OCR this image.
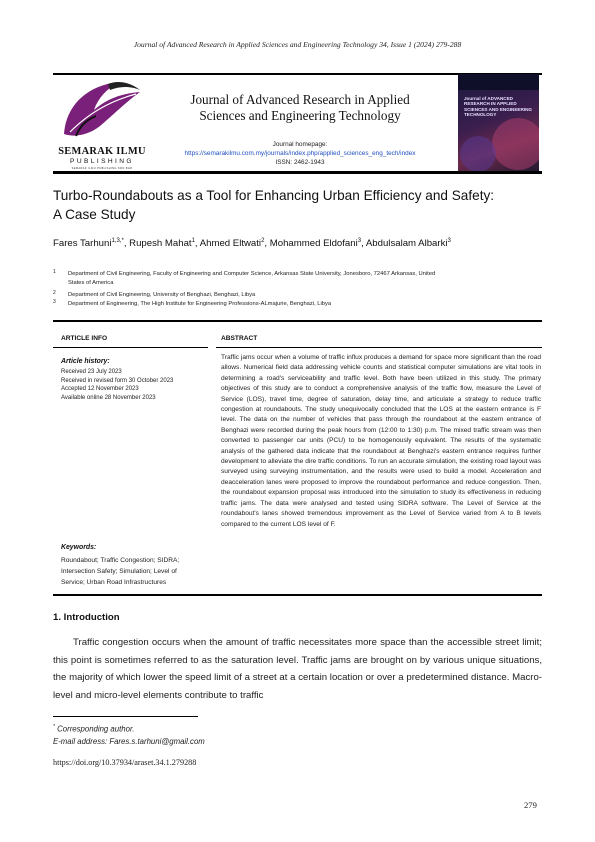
Journal of Advanced Research in Applied Sciences and Engineering Technology 34, Issue 1 (2024) 279-288
SEMARAK ILMU
PUBLISHING
SEMARAK ILMU PUBLISHING SDN BHD
Journal of Advanced Research in Applied
Sciences and Engineering Technology
Journal homepage:
https://semarakilmu.com.my/journals/index.php/applied_sciences_eng_tech/index
ISSN: 2462-1943
Journal of ADVANCED RESEARCH IN APPLIED SCIENCES AND ENGINEERING TECHNOLOGY
Turbo-Roundabouts as a Tool for Enhancing Urban Efficiency and Safety:
A Case Study
Fares Tarhuni$^{1,3,*}$, Rupesh Mahat$^1$, Ahmed Eltwati$^2$, Mohammed Eldofani$^3$, Abdulsalam Albarki$^3$
1 Department of Civil Engineering, Faculty of Engineering and Computer Science, Arkansas State University, Jonesboro, 72467 Arkansas, United
States of America
2 Department of Civil Engineering, University of Benghazi, Benghazi, Libya
3 Department of Engineering, The High Institute for Engineering Professions-ALmajurie, Benghazi, Libya
ARTICLE INFO	ABSTRACT
Article history:
Received 23 July 2023
Received in revised form 30 October 2023
Accepted 12 November 2023
Available online 28 November 2023
Keywords:
Roundabout; Traffic Congestion; SIDRA;
Intersection Safety; Simulation; Level of
Service; Urban Road Infrastructures
Traffic jams occur when a volume of traffic influx produces a demand for space more significant than the road allows. Numerical field data addressing vehicle counts and statistical computer simulations are vital tools in determining a road's serviceability and traffic level. Both have been utilized in this study. The primary objectives of this study are to conduct a comprehensive analysis of the traffic flow, measure the Level of Service (LOS), travel time, degree of saturation, delay time, and articulate a strategy to reduce traffic congestion at roundabouts. The study unequivocally concluded that the LOS at the eastern entrance is F level. The data on the number of vehicles that pass through the roundabout at the eastern entrance of Benghazi were recorded during the peak hours from (12:00 to 1:30) p.m. The mixed traffic stream was then converted to passenger car units (PCU) to be homogenously equivalent. The results of the systematic analysis of the gathered data indicate that the roundabout at Benghazi's eastern entrance requires further development to alleviate the dire traffic conditions. To run an accurate simulation, the existing road layout was surveyed using surveying instrumentation, and the results were used to build a model. Acceleration and deacceleration lanes were proposed to improve the roundabout performance and reduce congestion. Then, the roundabout expansion proposal was introduced into the simulation to study its effectiveness in reducing traffic jams. The data were analysed and tested using SIDRA software. The Level of Service at the roundabout's lanes showed tremendous improvement as the Level of Service varied from A to B levels compared to the current LOS level of F.
1. Introduction
Traffic congestion occurs when the amount of traffic necessitates more space than the accessible street limit; this point is sometimes referred to as the saturation level. Traffic jams are brought on by various unique situations, the majority of which lower the speed limit of a street at a certain location or over a predetermined distance. Macro-level and micro-level elements contribute to traffic
* Corresponding author.
E-mail address: Fares.s.tarhuni@gmail.com
https://doi.org/10.37934/araset.34.1.279288
279
